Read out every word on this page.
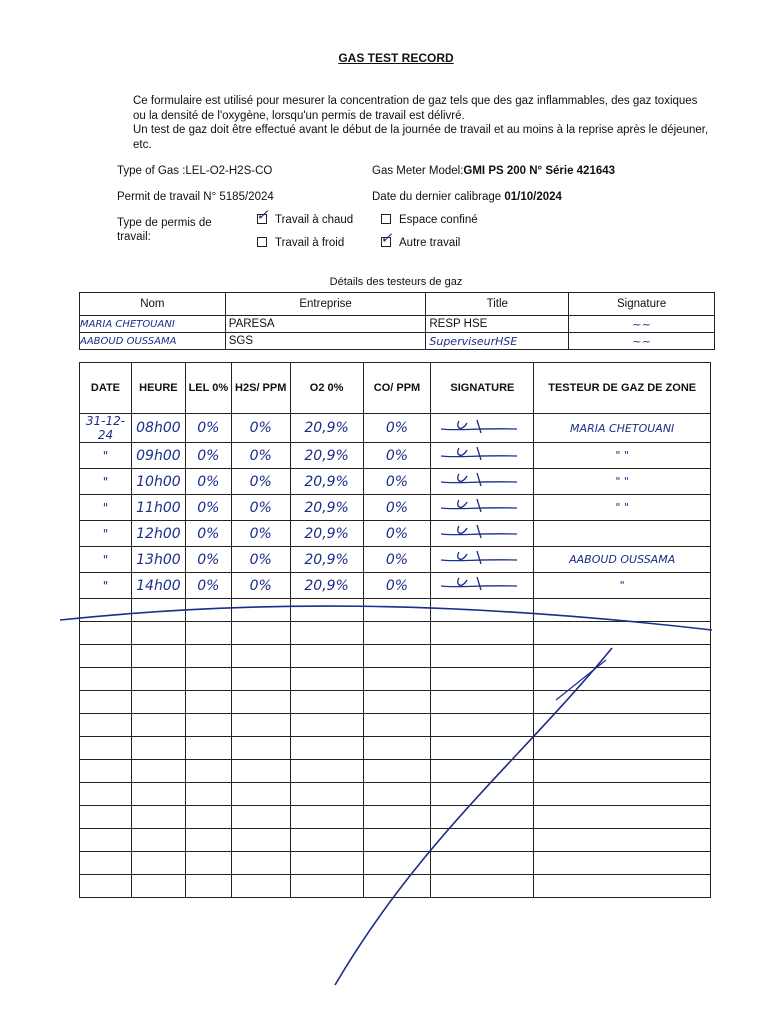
GAS TEST RECORD

Ce formulaire est utilisé pour mesurer la concentration de gaz tels que des gaz inflammables, des gaz toxiques ou la densité de l'oxygène, lorsqu'un permis de travail est délivré.

Un test de gaz doit être effectué avant le début de la journée de travail et au moins à la reprise après le déjeuner, etc.

Type of Gas :LEL-O2-H2S-CO	Gas Meter Model:GMI PS 200 N° Série 421643
Permit de travail N° 5185/2024	Date du dernier calibrage 01/10/2024
Type de permis de travail:
✓Travail à chaud	Espace confiné
Travail à froid ✓	Autre travail
Détails des testeurs de gaz
Nom	Entreprise	Title	Signature
MARIA CHETOUANI	PARESA	RESP HSE	~~
AABOUD OUSSAMA	SGS	SuperviseurHSE	~~
DATE	HEURE	LEL 0%	H2S/ PPM	O2 0%	CO/ PPM	SIGNATURE	TESTEUR DE GAZ DE ZONE
31-12-24	08h00	0%	0%	20,9%	0%		MARIA CHETOUANI
"	09h00	0%	0%	20,9%	0%		" "
"	10h00	0%	0%	20,9%	0%		" "
"	11h00	0%	0%	20,9%	0%		" "
"	12h00	0%	0%	20,9%	0%		
"	13h00	0%	0%	20,9%	0%		AABOUD OUSSAMA
"	14h00	0%	0%	20,9%	0%		"
